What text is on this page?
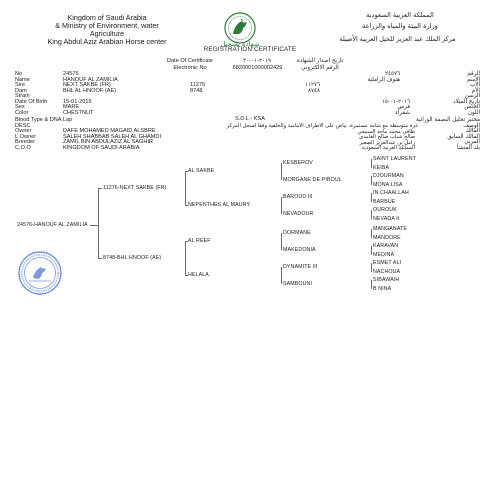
Kingdom of Saudi Arabia
& Ministry of Environment, water
Agriculture
King Abdul Aziz Arabian Horse center
المملكة العربية السعودية
وزارة البيئة والمياه والزراعة
مركز الملك عبد العزيز للخيل العربية الأصيلة
شهادة تسجيل
REGISTRATION CERTIFICATE
Date Of Certificate	٢٠١٩-٠١-٢٠	تاريخ اصدار الشهادة
Electronic No	6820001000002429	الرقم الالكتروني
No	24576	٢٤٥٧٦	الرقم
Name	HANOUF AL ZAMILIA	هنوف الزاملية	الاسم
Sire	NEXT SAKBE (FR)	11276	١١٢٧٦	الأب
Dam	BHL AL HNOOF (AE)	8748	٨٧٤٨	الأم
Strain	الرسن
Date Of Birth	15-01-2016	٢٠١٦-٠١-١٥	تاريخ الميلاد
Sex	MARE	فرس	الجنس
Color	CHESTNUT	شقراء	اللون
Blood Type & DNA Lap	S.D.L - KSA	مختبر تحليل البصمة الوراثية
DESC	غرة متوسطة مع شامة مستمرة، بياض على الأطراف الأمامية والخلفية وفقاً لسجل المركز	الوصف
Owner	DAFE MOHAMED MAGAID ALSBRE	ظافي محمد ماجد السبيعي	المالك
L.Owner	SALEH SHABBAB SALEH AL GHAMDI	صالح شباب صالح الغامدي	المالك السابق
Breeder	ZAMIL BIN ABDULAZIZ AL SAGHIR	زامل بن عبدالعزيز الصغير	المربي
C.O.O	KINGDOM OF SAUDI ARABIA	المملكة العربية السعودية	بلد المنشأ
24576-HANOUF AL ZAMILIA
11276-NEXT SAKBE (FR)
8748-BHL HNOOF (AE)
AL SAKBE
NEPENTHES AL MAURY
AL REEF
HELALA
KESBEROV
MORGANE DE PIBOUL
BAROUD III
NEVADOUR
DORMANE
MAKEDONIA
DYNAMITE III
SAMBOUNI
SAINT LAURENT
KEIBA
DJOURMAN
MONA LISA
IN CHAALLAH
BARBUE
OUROUK
NEVADA II
MANGANATE
MANDORE
KARAVAN
MEDINA
ESMET ALI
NACHOUA
SIBAWAIH
B NINA
